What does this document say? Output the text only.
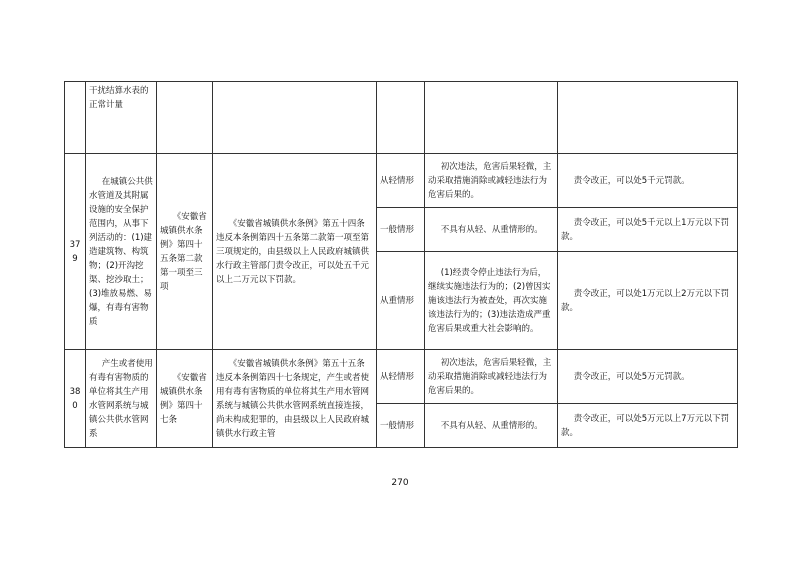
	干扰结算水表的正常计量					
379	在城镇公共供水管道及其附属设施的安全保护范围内，从事下列活动的：(1)建造建筑物、构筑物；(2)开沟挖渠、挖沙取土；(3)堆放易燃、易爆，有毒有害物质	《安徽省城镇供水条例》第四十五条第二款第一项至三项	《安徽省城镇供水条例》第五十四条违反本条例第四十五条第二款第一项至第三项规定的，由县级以上人民政府城镇供水行政主管部门责令改正，可以处五千元以上二万元以下罚款。	从轻情形	初次违法，危害后果轻微，主动采取措施消除或减轻违法行为危害后果的。	责令改正，可以处5千元罚款。
				一般情形	不具有从轻、从重情形的。	责令改正，可以处5千元以上1万元以下罚款。
				从重情形	(1)经责令停止违法行为后，继续实施违法行为的；(2)曾因实施该违法行为被查处，再次实施该违法行为的；(3)违法造成严重危害后果或重大社会影响的。	责令改正，可以处1万元以上2万元以下罚款。
380	产生或者使用有毒有害物质的单位将其生产用水管网系统与城镇公共供水管网系	《安徽省城镇供水条例》第四十七条	《安徽省城镇供水条例》第五十五条违反本条例第四十七条规定，产生或者使用有毒有害物质的单位将其生产用水管网系统与城镇公共供水管网系统直接连接，尚未构成犯罪的，由县级以上人民政府城镇供水行政主管	从轻情形	初次违法，危害后果轻微，主动采取措施消除或减轻违法行为危害后果的。	责令改正，可以处5万元罚款。
				一般情形	不具有从轻、从重情形的。	责令改正，可以处5万元以上7万元以下罚款。
270
